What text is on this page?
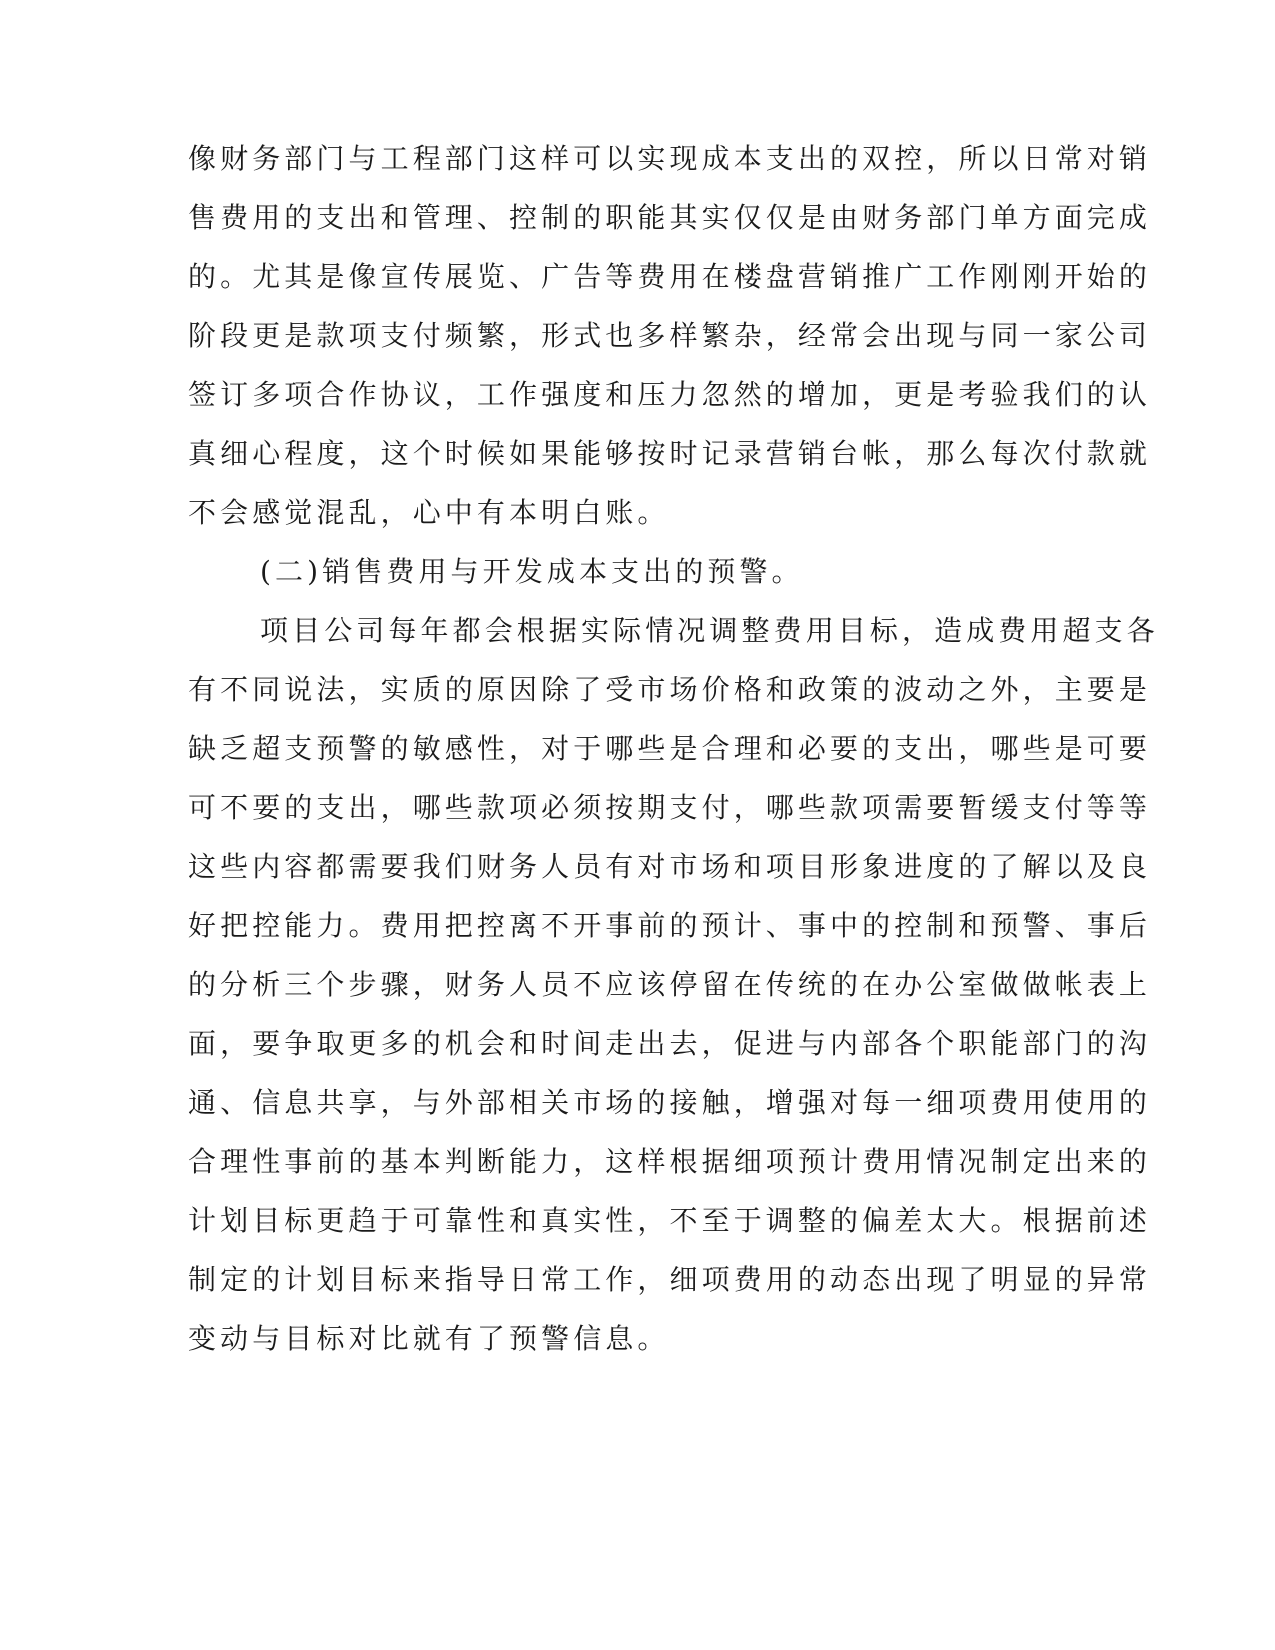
像财务部门与工程部门这样可以实现成本支出的双控，所以日常对销

售费用的支出和管理、控制的职能其实仅仅是由财务部门单方面完成

的。尤其是像宣传展览、广告等费用在楼盘营销推广工作刚刚开始的

阶段更是款项支付频繁，形式也多样繁杂，经常会出现与同一家公司

签订多项合作协议，工作强度和压力忽然的增加，更是考验我们的认

真细心程度，这个时候如果能够按时记录营销台帐，那么每次付款就

不会感觉混乱，心中有本明白账。

(二)销售费用与开发成本支出的预警。

项目公司每年都会根据实际情况调整费用目标，造成费用超支各

有不同说法，实质的原因除了受市场价格和政策的波动之外，主要是

缺乏超支预警的敏感性，对于哪些是合理和必要的支出，哪些是可要

可不要的支出，哪些款项必须按期支付，哪些款项需要暂缓支付等等

这些内容都需要我们财务人员有对市场和项目形象进度的了解以及良

好把控能力。费用把控离不开事前的预计、事中的控制和预警、事后

的分析三个步骤，财务人员不应该停留在传统的在办公室做做帐表上

面，要争取更多的机会和时间走出去，促进与内部各个职能部门的沟

通、信息共享，与外部相关市场的接触，增强对每一细项费用使用的

合理性事前的基本判断能力，这样根据细项预计费用情况制定出来的

计划目标更趋于可靠性和真实性，不至于调整的偏差太大。根据前述

制定的计划目标来指导日常工作，细项费用的动态出现了明显的异常

变动与目标对比就有了预警信息。
